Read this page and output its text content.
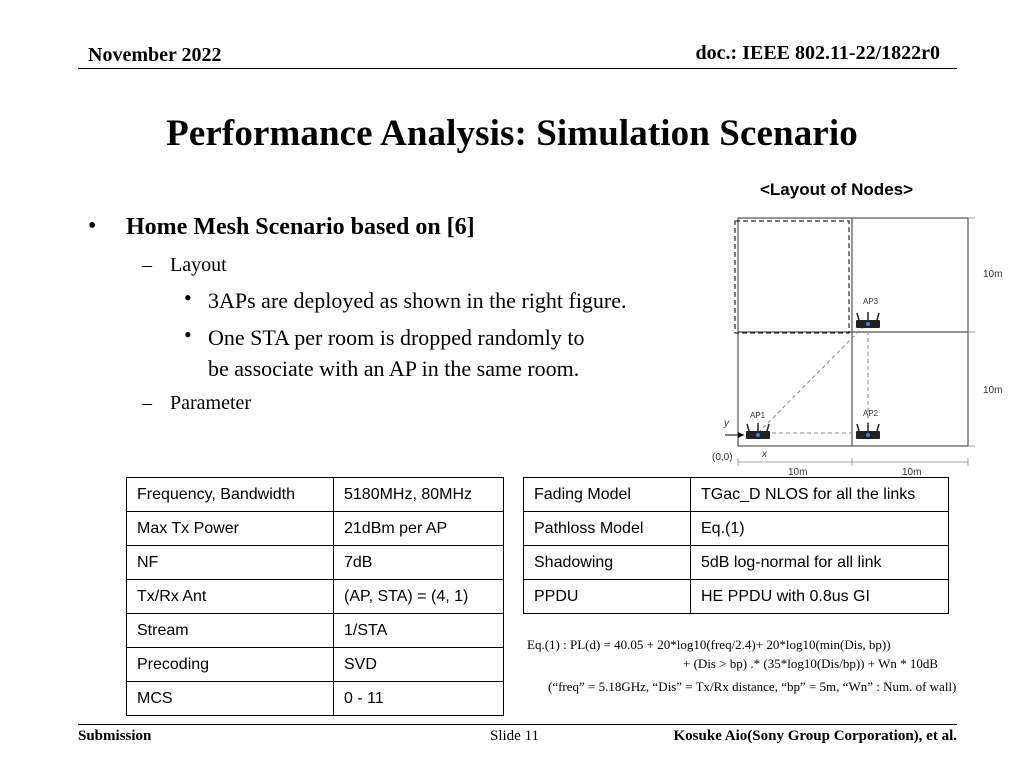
November 2022	doc.: IEEE 802.11-22/1822r0
Performance Analysis: Simulation Scenario
<Layout of Nodes>
• Home Mesh Scenario based on [6]
– Layout
• 3APs are deployed as shown in the right figure.
• One STA per room is dropped randomly to
be associate with an AP in the same room.
– Parameter
AP1	AP2
AP3
y
x
(0,0)
10m
10m
10m	10m
Frequency, Bandwidth	5180MHz, 80MHz
Max Tx Power	21dBm per AP
NF	7dB
Tx/Rx Ant	(AP, STA) = (4, 1)
Stream	1/STA
Precoding	SVD
MCS	0 - 11
Fading Model	TGac_D NLOS for all the links
Pathloss Model	Eq.(1)
Shadowing	5dB log-normal for all link
PPDU	HE PPDU with 0.8us GI
Eq.(1) : PL(d) = 40.05 + 20*log10(freq/2.4)+ 20*log10(min(Dis, bp))
+ (Dis > bp) .* (35*log10(Dis/bp)) + Wn * 10dB
(“freq” = 5.18GHz, “Dis” = Tx/Rx distance, “bp” = 5m, “Wn” : Num. of wall)
Submission	Slide 11	Kosuke Aio(Sony Group Corporation), et al.
